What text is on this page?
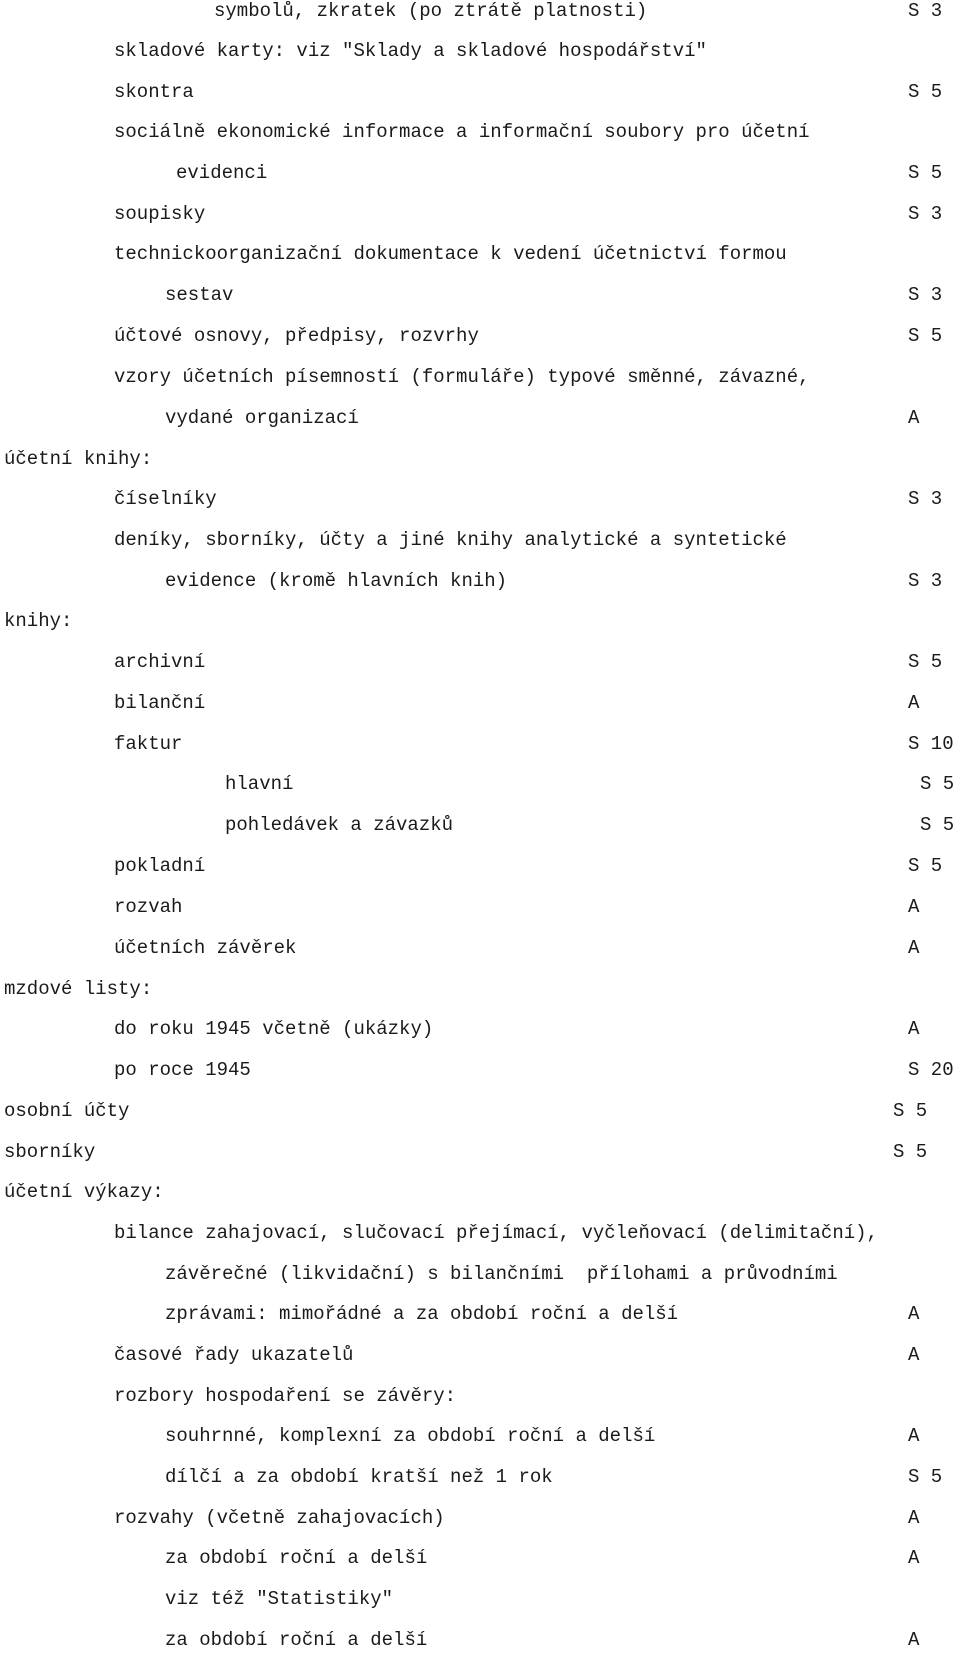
symbolů, zkratek (po ztrátě platnosti)	S 3
skladové karty: viz "Sklady a skladové hospodářství"
skontra	S 5
sociálně ekonomické informace a informační soubory pro účetní
evidenci	S 5
soupisky	S 3
technickoorganizační dokumentace k vedení účetnictví formou
sestav	S 3
účtové osnovy, předpisy, rozvrhy	S 5
vzory účetních písemností (formuláře) typové směnné, závazné,
vydané organizací	A
účetní knihy:
číselníky	S 3
deníky, sborníky, účty a jiné knihy analytické a syntetické
evidence (kromě hlavních knih)	S 3
knihy:
archivní	S 5
bilanční	A
faktur	S 10
hlavní	S 5
pohledávek a závazků	S 5
pokladní	S 5
rozvah	A
účetních závěrek	A
mzdové listy:
do roku 1945 včetně (ukázky)	A
po roce 1945	S 20
osobní účty	S 5
sborníky	S 5
účetní výkazy:
bilance zahajovací, slučovací přejímací, vyčleňovací (delimitační),
závěrečné (likvidační) s bilančními  přílohami a průvodními
zprávami: mimořádné a za období roční a delší	A
časové řady ukazatelů	A
rozbory hospodaření se závěry:
souhrnné, komplexní za období roční a delší	A
dílčí a za období kratší než 1 rok	S 5
rozvahy (včetně zahajovacích)	A
za období roční a delší	A
viz též "Statistiky"
za období roční a delší	A
